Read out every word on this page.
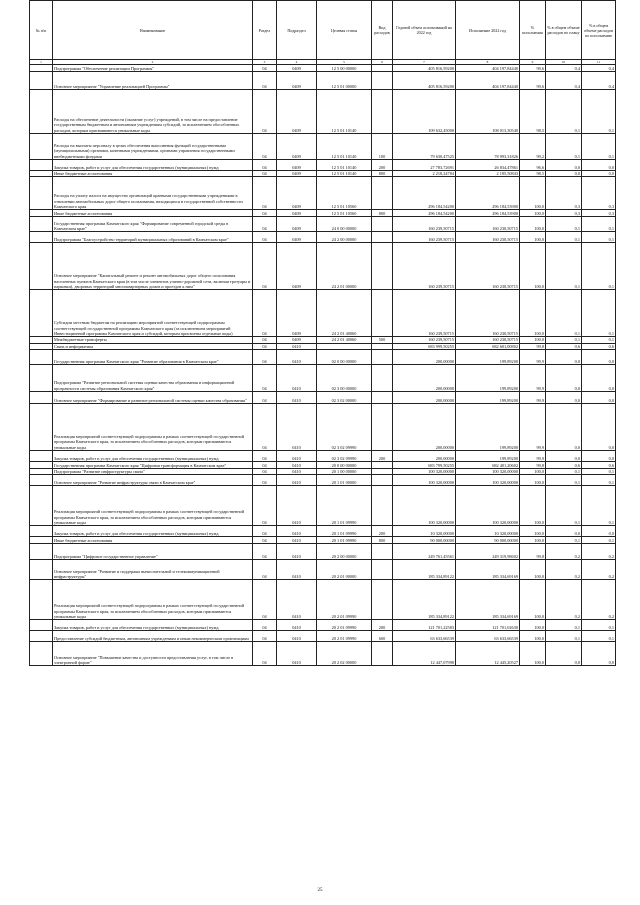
№ п/п	Наименование	Раздел	Подраздел	Целевая статья	Вид расходов	Годовой объем ассигнований на 2022 год	Исполнение 2022 год	% исполнения	% в общем объеме расходов по плану	% в общем объеме расходов по исполнению
1	2	3	4	5	6	7	8	9	10	11
	Подпрограмма "Обеспечение реализации Программы"	04	0409	12 5 00 00000		405 816,59200	404 197,84440	99,6	0,4	0,4
	Основное мероприятие "Управление реализацией Программы"	04	0409	12 5 01 00000		405 816,59200	404 197,84440	99,6	0,4	0,4
	Расходы на обеспечение деятельности (оказание услуг) учреждений, в том числе на предоставление государственным бюджетным и автономным учреждениям субсидий, за исключением обособленных расходов, которым присваиваются уникальные коды	04	0409	12 5 01 10140		109 632,45000	108 013,30540	98,5	0,1	0,1
	Расходы на выплаты персоналу в целях обеспечения выполнения функций государственными (муниципальными) органами, казенными учреждениями, органами управления государственными внебюджетными фондами	04	0409	12 5 01 10140	100	79 630,47525	78 993,31826	99,2	0,1	0,1
	Закупка товаров, работ и услуг для обеспечения государственных (муниципальных) нужд	04	0409	12 5 01 10140	200	27 783,72691	26 834,47861	96,6	0,0	0,0
	Иные бюджетные ассигнования	04	0409	12 5 01 10140	800	2 218,24784	2 185,50843	98,5	0,0	0,0
	Расходы на уплату налога на имущество организаций краевыми государственными учреждениями в отношении автомобильных дорог общего пользования, находящихся в государственной собственности Камчатского края	04	0409	12 5 01 10560		296 184,54200	296 184,53900	100,0	0,3	0,3
	Иные бюджетные ассигнования	04	0409	12 5 01 10560	800	296 184,54200	296 184,53900	100,0	0,3	0,3
	Государственная программа Камчатского края "Формирование современной городской среды в Камчатском крае"	04	0409	24 0 00 00000		160 239,50715	160 230,50715	100,0	0,1	0,1
	Подпрограмма "Благоустройство территорий муниципальных образований в Камчатском крае"	04	0409	24 2 00 00000		160 239,50715	160 230,50715	100,0	0,1	0,1
	Основное мероприятие "Капитальный ремонт и ремонт автомобильных дорог общего пользования населенных пунктов Камчатского края (в том числе элементов улично-дорожной сети, включая тротуары и парковки), дворовых территорий многоквартирных домов и проездов к ним"	04	0409	24 2 01 00000		160 239,50715	160 230,50715	100,0	0,1	0,1
	Субсидии местным бюджетам на реализацию мероприятий соответствующей подпрограммы соответствующей государственной программы Камчатского края (за исключением мероприятий Инвестиционной программы Камчатского края и субсидий, которым присвоены отдельные коды)	04	0409	24 2 01 40060		160 239,50715	160 230,50715	100,0	0,1	0,1
	Межбюджетные трансферты	04	0409	24 2 01 40060	500	160 239,50715	160 230,50715	100,0	0,1	0,1
	Связь и информатика	04	0410			683 999,50255	682 601,00802	99,8	0,6	0,6
	Государственная программа Камчатского края "Развитие образования в Камчатском крае"	04	0410	02 0 00 00000		200,00000	199,89200	99,9	0,0	0,0
	Подпрограмма "Развитие региональной системы оценки качества образования и информационной прозрачности системы образования Камчатского края"	04	0410	02 3 00 00000		200,00000	199,89200	99,9	0,0	0,0
	Основное мероприятие "Формирование и развитие региональной системы оценки качества образования"	04	0410	02 3 02 00000		200,00000	199,89200	99,9	0,0	0,0
	Реализация мероприятий соответствующей подпрограммы в рамках соответствующей государственной программы Камчатского края, за исключением обособленных расходов, которым присваиваются уникальные коды	04	0410	02 3 02 09990		200,00000	199,89200	99,9	0,0	0,0
	Закупка товаров, работ и услуг для обеспечения государственных (муниципальных) нужд	04	0410	02 3 02 09990	200	200,00000	199,89200	99,9	0,0	0,0
	Государственная программа Камчатского края "Цифровая трансформация в Камчатском крае"	04	0410	20 0 00 00000		683 799,50255	682 401,20602	99,8	0,6	0,6
	Подпрограмма "Развитие инфраструктуры связи"	04	0410	20 1 00 00000		100 320,00000	100 320,00000	100,0	0,1	0,1
	Основное мероприятие "Развитие инфраструктуры связи в Камчатском крае"	04	0410	20 1 01 00000		100 320,00000	100 320,00000	100,0	0,1	0,1
	Реализация мероприятий соответствующей подпрограммы в рамках соответствующей государственной программы Камчатского края, за исключением обособленных расходов, которым присваиваются уникальные коды	04	0410	20 1 01 09990		100 320,00000	100 320,00000	100,0	0,1	0,1
	Закупка товаров, работ и услуг для обеспечения государственных (муниципальных) нужд	04	0410	20 1 01 09990	200	10 320,00000	10 320,00000	100,0	0,0	0,0
	Иные бюджетные ассигнования	04	0410	20 1 01 09990	800	90 000,00000	90 000,00000	100,0	0,1	0,1
	Подпрограмма "Цифровое государственное управление"	04	0410	20 2 00 00000		249 761,45561	249 319,98602	99,8	0,2	0,2
	Основное мероприятие "Развитие и поддержка вычислительной и телекоммуникационной инфраструктуры"	04	0410	20 2 01 00000		185 334,89122	185 334,69169	100,0	0,2	0,2
	Реализация мероприятий соответствующей подпрограммы в рамках соответствующей государственной программы Камчатского края, за исключением обособленных расходов, которым присваиваются уникальные коды	04	0410	20 2 01 09990		185 334,89122	185 334,69169	100,0	0,2	0,2
	Закупка товаров, работ и услуг для обеспечения государственных (муниципальных) нужд	04	0410	20 2 01 09990	200	121 701,22583	121 701,02630	100,0	0,1	0,1
	Предоставление субсидий бюджетным, автономным учреждениям и иным некоммерческим организациям	04	0410	20 2 01 09990	600	63 633,66539	63 633,66539	100,0	0,1	0,1
	Основное мероприятие "Повышение качества и доступности предоставления услуг, в том числе в электронной форме"	04	0410	20 2 02 00000		12 447,07998	12 445,20527	100,0	0,0	0,0
25
